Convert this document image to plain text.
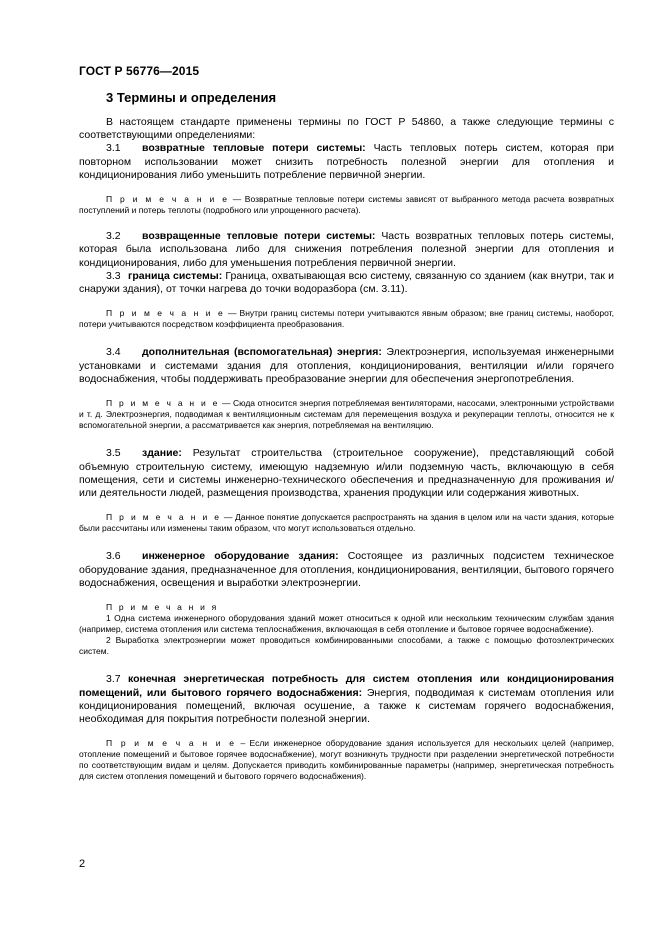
ГОСТ Р 56776—2015
3 Термины и определения

В настоящем стандарте применены термины по ГОСТ Р 54860, а также следующие термины с соответствующими определениями:

3.1 возвратные тепловые потери системы: Часть тепловых потерь систем, которая при повторном использовании может снизить потребность полезной энергии для отопления и кондиционирования либо уменьшить потребление первичной энергии.

П р и м е ч а н и е — Возвратные тепловые потери системы зависят от выбранного метода расчета возвратных поступлений и потерь теплоты (подробного или упрощенного расчета).

3.2 возвращенные тепловые потери системы: Часть возвратных тепловых потерь системы, которая была использована либо для снижения потребления полезной энергии для отопления и кондиционирования, либо для уменьшения потребления первичной энергии.

3.3 граница системы: Граница, охватывающая всю систему, связанную со зданием (как внутри, так и снаружи здания), от точки нагрева до точки водоразбора (см. 3.11).

П р и м е ч а н и е — Внутри границ системы потери учитываются явным образом; вне границ системы, наоборот, потери учитываются посредством коэффициента преобразования.

3.4 дополнительная (вспомогательная) энергия: Электроэнергия, используемая инженерными установками и системами здания для отопления, кондиционирования, вентиляции и/или горячего водоснабжения, чтобы поддерживать преобразование энергии для обеспечения энергопотребления.

П р и м е ч а н и е — Сюда относится энергия потребляемая вентиляторами, насосами, электронными устройствами и т. д. Электроэнергия, подводимая к вентиляционным системам для перемещения воздуха и рекуперации теплоты, относится не к вспомогательной энергии, а рассматривается как энергия, потребляемая на вентиляцию.

3.5 здание: Результат строительства (строительное сооружение), представляющий собой объемную строительную систему, имеющую надземную и/или подземную часть, включающую в себя помещения, сети и системы инженерно-технического обеспечения и предназначенную для проживания и/или деятельности людей, размещения производства, хранения продукции или содержания животных.

П р и м е ч а н и е — Данное понятие допускается распространять на здания в целом или на части здания, которые были рассчитаны или изменены таким образом, что могут использоваться отдельно.

3.6 инженерное оборудование здания: Состоящее из различных подсистем техническое оборудование здания, предназначенное для отопления, кондиционирования, вентиляции, бытового горячего водоснабжения, освещения и выработки электроэнергии.

П р и м е ч а н и я

1 Одна система инженерного оборудования зданий может относиться к одной или нескольким техническим службам здания (например, система отопления или система теплоснабжения, включающая в себя отопление и бытовое горячее водоснабжение).

2 Выработка электроэнергии может проводиться комбинированными способами, а также с помощью фотоэлектрических систем.

3.7 конечная энергетическая потребность для систем отопления или кондиционирования помещений, или бытового горячего водоснабжения: Энергия, подводимая к системам отопления или кондиционирования помещений, включая осушение, а также к системам горячего водоснабжения, необходимая для покрытия потребности полезной энергии.

П р и м е ч а н и е – Если инженерное оборудование здания используется для нескольких целей (например, отопление помещений и бытовое горячее водоснабжение), могут возникнуть трудности при разделении энергетической потребности по соответствующим видам и целям. Допускается приводить комбинированные параметры (например, энергетическая потребность для систем отопления помещений и бытового горячего водоснабжения).

2
